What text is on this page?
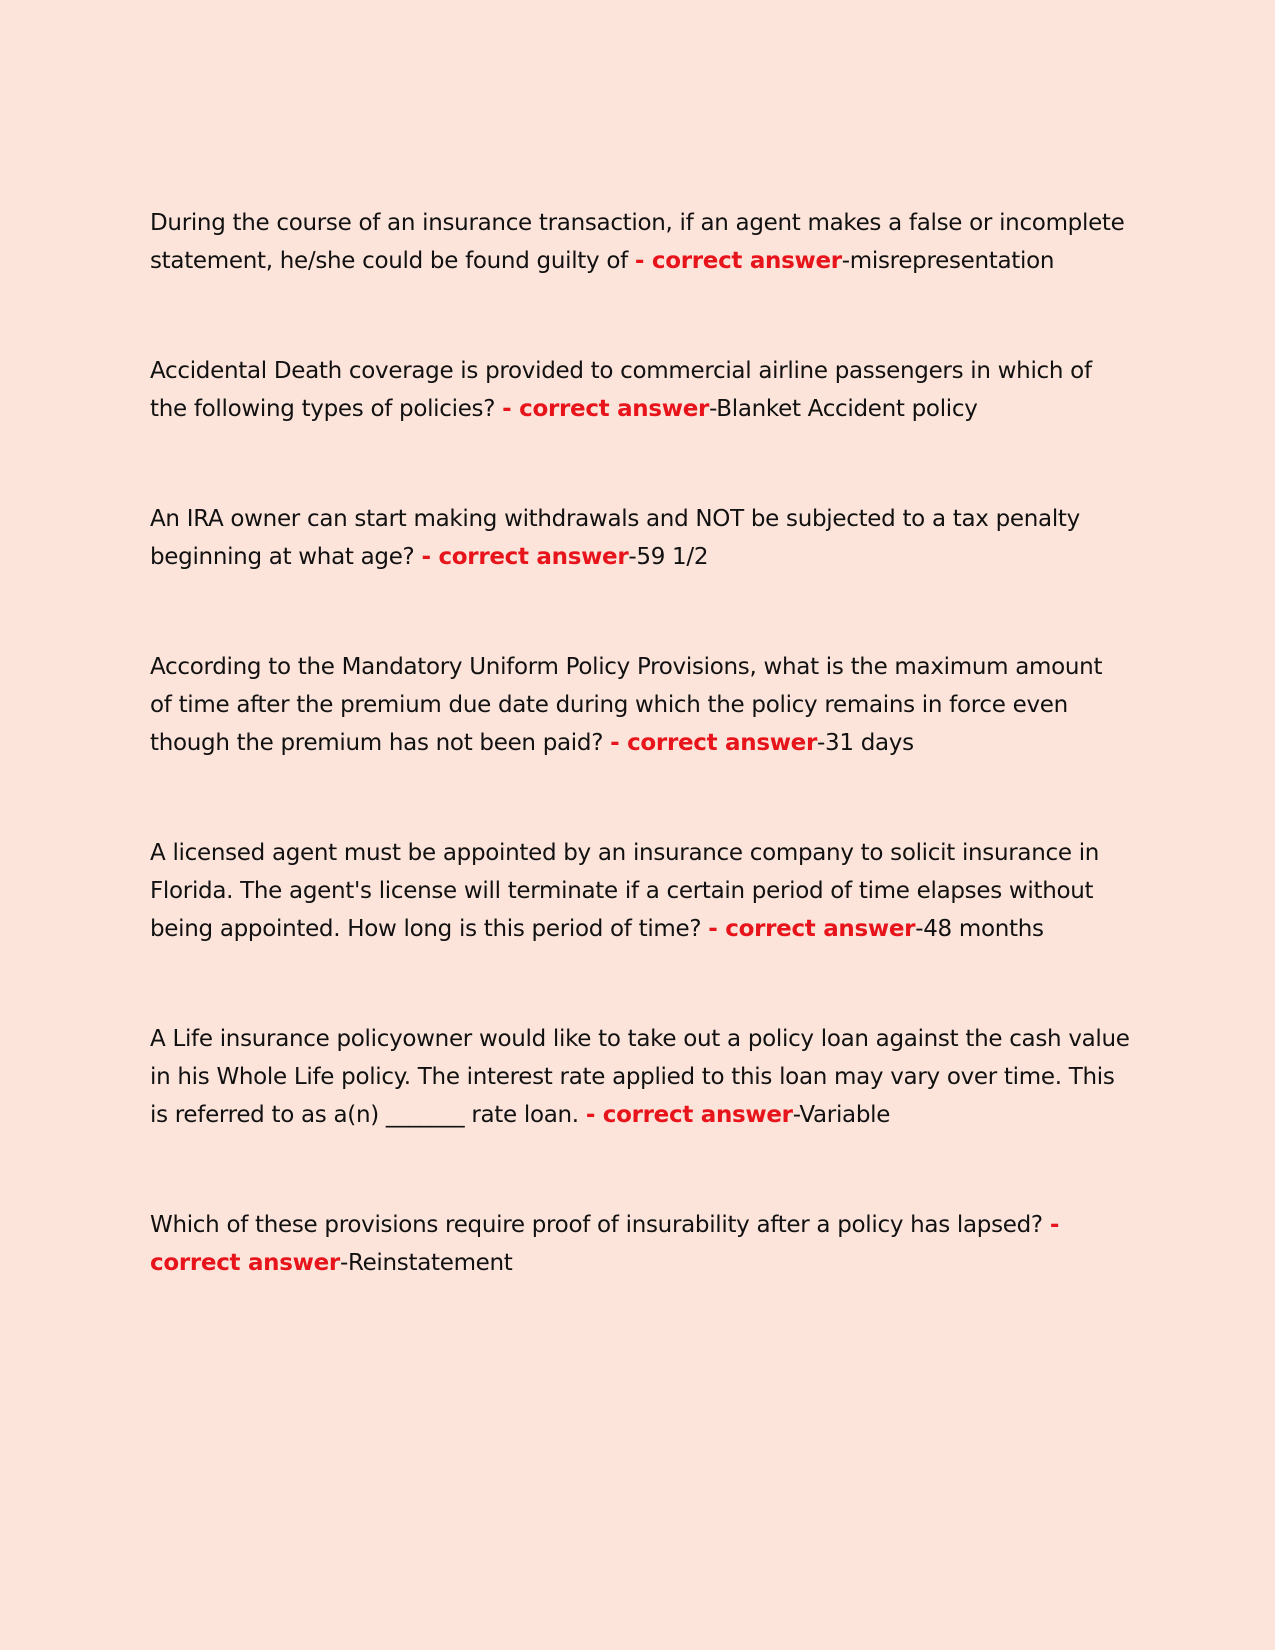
During the course of an insurance transaction, if an agent makes a false or incomplete statement, he/she could be found guilty of - correct answer-misrepresentation

Accidental Death coverage is provided to commercial airline passengers in which of the following types of policies? - correct answer-Blanket Accident policy

An IRA owner can start making withdrawals and NOT be subjected to a tax penalty beginning at what age? - correct answer-59 1/2

According to the Mandatory Uniform Policy Provisions, what is the maximum amount of time after the premium due date during which the policy remains in force even though the premium has not been paid? - correct answer-31 days

A licensed agent must be appointed by an insurance company to solicit insurance in Florida. The agent's license will terminate if a certain period of time elapses without being appointed. How long is this period of time? - correct answer-48 months

A Life insurance policyowner would like to take out a policy loan against the cash value in his Whole Life policy. The interest rate applied to this loan may vary over time. This is referred to as a(n) _______ rate loan. - correct answer-Variable

Which of these provisions require proof of insurability after a policy has lapsed? - correct answer-Reinstatement
